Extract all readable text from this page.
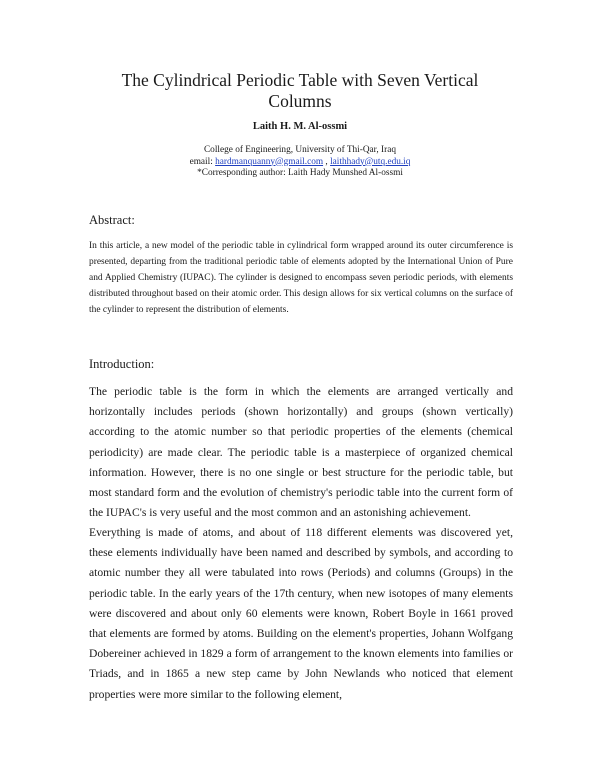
The Cylindrical Periodic Table with Seven Vertical
Columns
Laith H. M. Al-ossmi
College of Engineering, University of Thi-Qar, Iraq
email: hardmanquanny@gmail.com , laithhady@utq.edu.iq
*Corresponding author: Laith Hady Munshed Al-ossmi
Abstract:

In this article, a new model of the periodic table in cylindrical form wrapped around its outer circumference is presented, departing from the traditional periodic table of elements adopted by the International Union of Pure and Applied Chemistry (IUPAC). The cylinder is designed to encompass seven periodic periods, with elements distributed throughout based on their atomic order. This design allows for six vertical columns on the surface of the cylinder to represent the distribution of elements.

Introduction:

The periodic table is the form in which the elements are arranged vertically and horizontally includes periods (shown horizontally) and groups (shown vertically) according to the atomic number so that periodic properties of the elements (chemical periodicity) are made clear. The periodic table is a masterpiece of organized chemical information. However, there is no one single or best structure for the periodic table, but most standard form and the evolution of chemistry's periodic table into the current form of the IUPAC's is very useful and the most common and an astonishing achievement.

Everything is made of atoms, and about of 118 different elements was discovered yet, these elements individually have been named and described by symbols, and according to atomic number they all were tabulated into rows (Periods) and columns (Groups) in the periodic table. In the early years of the 17th century, when new isotopes of many elements were discovered and about only 60 elements were known, Robert Boyle in 1661 proved that elements are formed by atoms. Building on the element's properties, Johann Wolfgang Dobereiner achieved in 1829 a form of arrangement to the known elements into families or Triads, and in 1865 a new step came by John Newlands who noticed that element properties were more similar to the following element,
